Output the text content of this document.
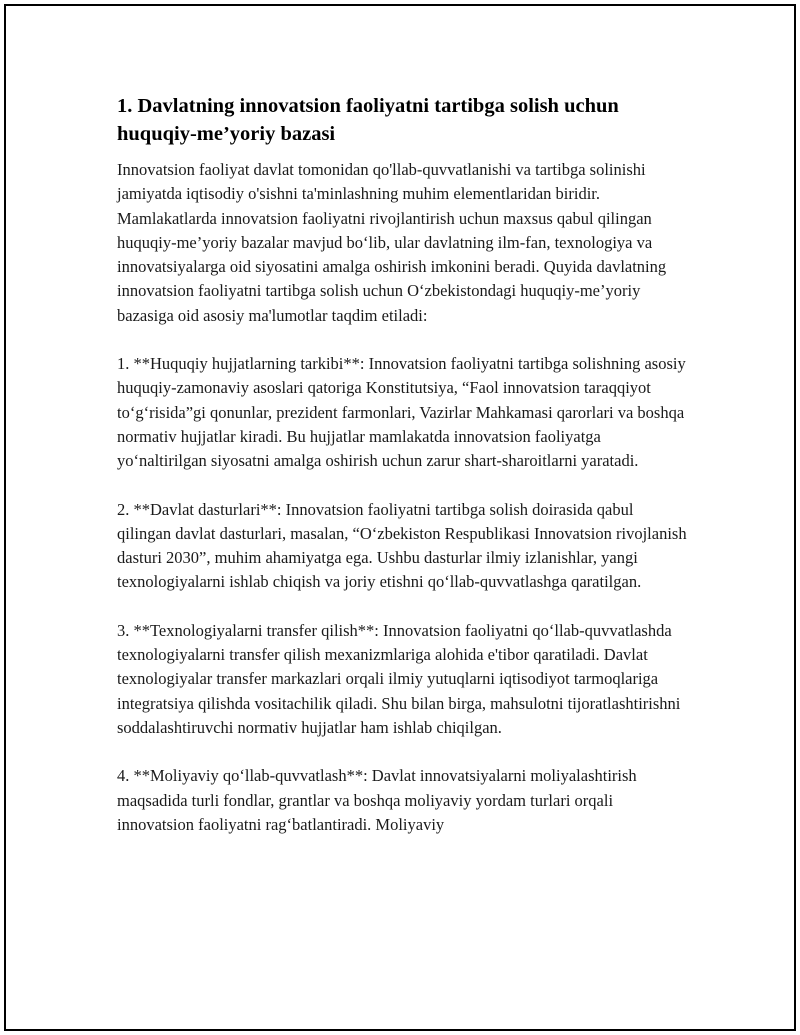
1. Davlatning innovatsion faoliyatni tartibga solish uchun huquqiy-me’yoriy bazasi

Innovatsion faoliyat davlat tomonidan qo'llab-quvvatlanishi va tartibga solinishi jamiyatda iqtisodiy o'sishni ta'minlashning muhim elementlaridan biridir. Mamlakatlarda innovatsion faoliyatni rivojlantirish uchun maxsus qabul qilingan huquqiy-me’yoriy bazalar mavjud bo‘lib, ular davlatning ilm-fan, texnologiya va innovatsiyalarga oid siyosatini amalga oshirish imkonini beradi. Quyida davlatning innovatsion faoliyatni tartibga solish uchun O‘zbekistondagi huquqiy-me’yoriy bazasiga oid asosiy ma'lumotlar taqdim etiladi:

1. **Huquqiy hujjatlarning tarkibi**: Innovatsion faoliyatni tartibga solishning asosiy huquqiy-zamonaviy asoslari qatoriga Konstitutsiya, “Faol innovatsion taraqqiyot to‘g‘risida”gi qonunlar, prezident farmonlari, Vazirlar Mahkamasi qarorlari va boshqa normativ hujjatlar kiradi. Bu hujjatlar mamlakatda innovatsion faoliyatga yo‘naltirilgan siyosatni amalga oshirish uchun zarur shart-sharoitlarni yaratadi.

2. **Davlat dasturlari**: Innovatsion faoliyatni tartibga solish doirasida qabul qilingan davlat dasturlari, masalan, “O‘zbekiston Respublikasi Innovatsion rivojlanish dasturi 2030”, muhim ahamiyatga ega. Ushbu dasturlar ilmiy izlanishlar, yangi texnologiyalarni ishlab chiqish va joriy etishni qo‘llab-quvvatlashga qaratilgan.

3. **Texnologiyalarni transfer qilish**: Innovatsion faoliyatni qo‘llab-quvvatlashda texnologiyalarni transfer qilish mexanizmlariga alohida e'tibor qaratiladi. Davlat texnologiyalar transfer markazlari orqali ilmiy yutuqlarni iqtisodiyot tarmoqlariga integratsiya qilishda vositachilik qiladi. Shu bilan birga, mahsulotni tijoratlashtirishni soddalashtiruvchi normativ hujjatlar ham ishlab chiqilgan.

4. **Moliyaviy qo‘llab-quvvatlash**: Davlat innovatsiyalarni moliyalashtirish maqsadida turli fondlar, grantlar va boshqa moliyaviy yordam turlari orqali innovatsion faoliyatni rag‘batlantiradi. Moliyaviy
